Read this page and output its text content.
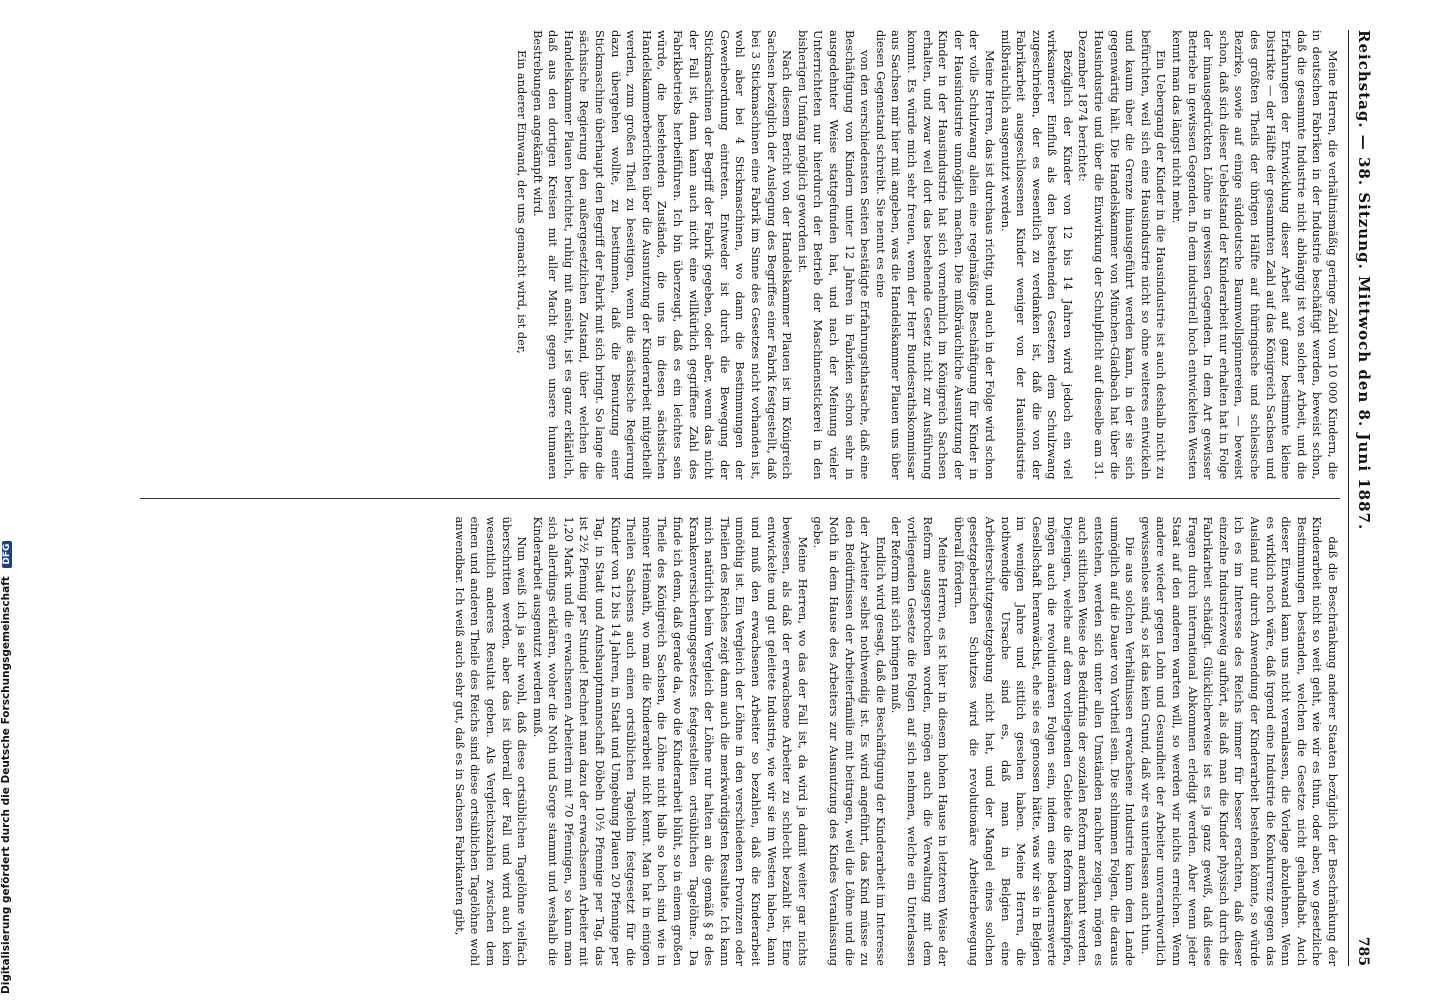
Digitalisierung gefördert durch die Deutsche Forschungsgemeinschaft DFG
Reichstag. — 38. Sitzung. Mittwoch den 8. Juni 1887.
785

Meine Herren, die verhältnismäßig geringe Zahl von 10 000 Kindern, die in deutschen Fabriken in der Industrie beschäftigt werden, beweist schon, daß die gesammte Industrie nicht abhängig ist von solcher Arbeit, und die Erfahrungen der Entwicklung dieser Arbeit auf ganz bestimmte kleine Distrikte — der Hälfte der gesammten Zahl auf das Königreich Sachsen und des größten Theils der übrigen Hälfte auf thüringische und schlesische Bezirke, sowie auf einige süddeutsche Baumwollspinnereien, — beweist schon, daß sich dieser Uebelstand der Kinderarbeit nur erhalten hat in Folge der hinausgedrückten Löhne in gewissen Gegenden. In dem Art gewisser Betriebe in gewissen Gegenden. In dem industriell hoch entwickelten Westen kennt man das längst nicht mehr.

Ein Uebergang der Kinder in die Hausindustrie ist auch deshalb nicht zu befürchten, weil sich eine Hausindustrie nicht so ohne weiteres entwickeln und kaum über die Grenze hinausgeführt werden kann, in der sie sich gegenwärtig hält. Die Handelskammer von München-Gladbach hat über die Hausindustrie und über die Einwirkung der Schulpflicht auf dieselbe am 31. Dezember 1874 berichtet:

Bezüglich der Kinder von 12 bis 14 Jahren wird jedoch ein viel wirksamerer Einfluß als den bestehenden Gesetzen dem Schulzwang zugeschrieben, der es wesentlich zu verdanken ist, daß die von der Fabrikarbeit ausgeschlossenen Kinder weniger von der Hausindustrie mißbräuchlich ausgenutzt werden.

Meine Herren, das ist durchaus richtig, und auch in der Folge wird schon der volle Schulzwang allein eine regelmäßige Beschäftigung für Kinder in der Hausindustrie unmöglich machen. Die mißbräuchliche Ausnutzung der Kinder in der Hausindustrie hat sich vornehmlich im Königreich Sachsen erhalten, und zwar weil dort das bestehende Gesetz nicht zur Ausführung kommt. Es würde mich sehr freuen, wenn der Herr Bundesrathskommissar aus Sachsen mir hier mit angeben, was die Handelskammer Plauen uns über diesen Gegenstand schreibt. Sie nennt es eine

von den verschiedensten Seiten bestätigte Erfahrungsthatsache, daß eine Beschäftigung von Kindern unter 12 Jahren in Fabriken schon sehr in ausgedehnter Weise stattgefunden hat, und nach der Meinung vieler Unterrichteten nur hierdurch der Betrieb der Maschinenstickerei in den bisherigen Umfang möglich geworden ist.

Nach diesem Bericht von der Handelskammer Plauen ist im Königreich Sachsen bezüglich der Auslegung des Begriffes einer Fabrik festgestellt, daß bei 3 Stickmaschinen eine Fabrik im Sinne des Gesetzes nicht vorhanden ist, wohl aber bei 4 Stickmaschinen, wo dann die Bestimmungen der Gewerbeordnung eintreten. Entweder ist durch die Bewegung der Stickmaschinen der Begriff der Fabrik gegeben, oder aber, wenn das nicht der Fall ist, dann kann auch nicht eine willkürlich gegriffene Zahl des Fabrikbetriebs herbeiführen. Ich bin überzeugt, daß es ein leichtes sein würde, die bestehenden Zustände, die uns in diesen sächsischen Handelskammerberichten über die Ausnutzung der Kinderarbeit mitgetheilt werden, zum großen Theil zu beseitigen, wenn die sächsische Regierung dazu übergehen wollte, zu bestimmen, daß die Benutzung einer Stickmaschine überhaupt den Begriff der Fabrik mit sich bringt. So lange die sächsische Regierung den außergesetzlichen Zustand, über welchen die Handelskammer Plauen berichtet, ruhig mit ansieht, ist es ganz erklärlich, daß aus den dortigen Kreisen mit aller Macht gegen unsere humanen Bestrebungen angekämpft wird.

Ein anderer Einwand, der uns gemacht wird, ist der,

daß die Beschränkung anderer Staaten bezüglich der Beschränkung der Kinderarbeit nicht so weit geht, wie wir es thun, oder aber, wo gesetzliche Bestimmungen bestanden, welchen die Gesetze nicht gehandhabt. Auch dieser Einwand kann uns nicht veranlassen, die Vorlage abzulehnen. Wenn es wirklich noch wäre, daß irgend eine Industrie die Konkurrenz gegen das Ausland nur durch Anwendung der Kinderarbeit bestehen könnte, so würde ich es im Interesse des Reichs immer für besser erachten, daß dieser einzelne Industriezweig aufhört, als daß man die Kinder physisch durch die Fabrikarbeit schädigt. Glücklicherweise ist es ja ganz gewiß, daß diese Fragen durch international Abkommen erledigt werden. Aber wenn jeder Staat auf den anderen warten will, so werden wir nichts erreichen. Wenn andere wieder gegen Lohn und Gesundheit der Arbeiter unverantwortlich gewissenlose sind, so ist das kein Grund, daß wir es unterlassen auch thun.

Die aus solchen Verhältnissen erwachsene Industrie kann dem Lande unmöglich auf die Dauer von Vortheil sein. Die schlimmen Folgen, die daraus entstehen, werden sich unter allen Umständen nachher zeigen, mögen es auch sittlichen Weise des Bedürfnis der sozialen Reform anerkannt werden. Diejenigen, welche auf dem vorliegenden Gebiete die Reform bekämpfen, mögen auch die revolutionären Folgen sein, indem eine bedauernswerte Gesellschaft heranwächst, ehe sie es genossen hätte, was wir sie in Belgien im wenigen Jahre und sittlich gesehen haben. Meine Herren, die nothwendige Ursache sind es, daß man in Belgien eine Arbeiterschutzgesetzgebung nicht hat, und der Mangel eines solchen gesetzgeberischen Schutzes wird die revolutionäre Arbeiterbewegung überall fördern.

Meine Herren, es ist hier in diesem hohen Hause in letzteren Weise der Reform ausgesprochen worden, mögen auch die Verwaltung mit dem vorliegenden Gesetze die Folgen auf sich nehmen, welche ein Unterlassen der Reform mit sich bringen muß.

Endlich wird gesagt, daß die Beschäftigung der Kinderarbeit im Interesse der Arbeiter selbst nothwendig ist. Es wird angeführt, das Kind müsse zu den Bedürfnissen der Arbeiterfamilie mit beitragen, weil die Löhne und die Noth in dem Hause des Arbeiters zur Ausnutzung des Kindes Veranlassung gebe.

Meine Herren, wo das der Fall ist, da wird ja damit weiter gar nichts bewiesen, als daß der erwachsene Arbeiter zu schlecht bezahlt ist. Eine entwickelte und gut geleitete Industrie, wie wir sie im Westen haben, kann und muß den erwachsenen Arbeiter so bezahlen, daß die Kinderarbeit unnöthig ist. Ein Vergleich der Löhne in den verschiedenen Provinzen oder Theilen des Reiches zeigt dann auch die merkwürdigsten Resultate. Ich kann mich natürlich beim Vergleich der Löhne nur halten an die gemäß § 8 des Krankenversicherungsgesetzes festgestellten ortsüblichen Tagelöhne. Da finde ich denn, daß gerade da, wo die Kinderarbeit blüht, so in einem großen Theile des Königreich Sachsen, die Löhne nicht halb so hoch sind wie in meiner Heimath, wo man die Kinderarbeit nicht kennt. Man hat in einigen Theilen Sachsens auch einen ortsüblichen Tagelohn festgesetzt für die Kinder von 12 bis 14 Jahren, in Stadt und Umgebung Plauen 20 Pfennige per Tag, in Stadt und Amtshauptmannschaft Döbeln 10⅟₂ Pfennige per Tag, das ist 2⅟₂ Pfennig per Stunde! Rechnet man dazu der erwachsenen Arbeiter mit 1,20 Mark und die erwachsenen Arbeiterin mit 70 Pfennigen, so kann man sich allerdings erklären, woher die Noth und Sorge stammt und weshalb die Kinderarbeit ausgenutzt werden muß.

Nun weiß ich ja sehr wohl, daß diese ortsüblichen Tagelöhne vielfach überschritten werden, aber das ist überall der Fall und wird auch kein wesentlich anderes Resultat geben. Als Vergleichszahlen zwischen dem einen und anderen Theile des Reichs sind diese ortsüblichen Tagelöhne wohl anwendbar. Ich weiß auch sehr gut, daß es in Sachsen Fabrikanten gibt,
